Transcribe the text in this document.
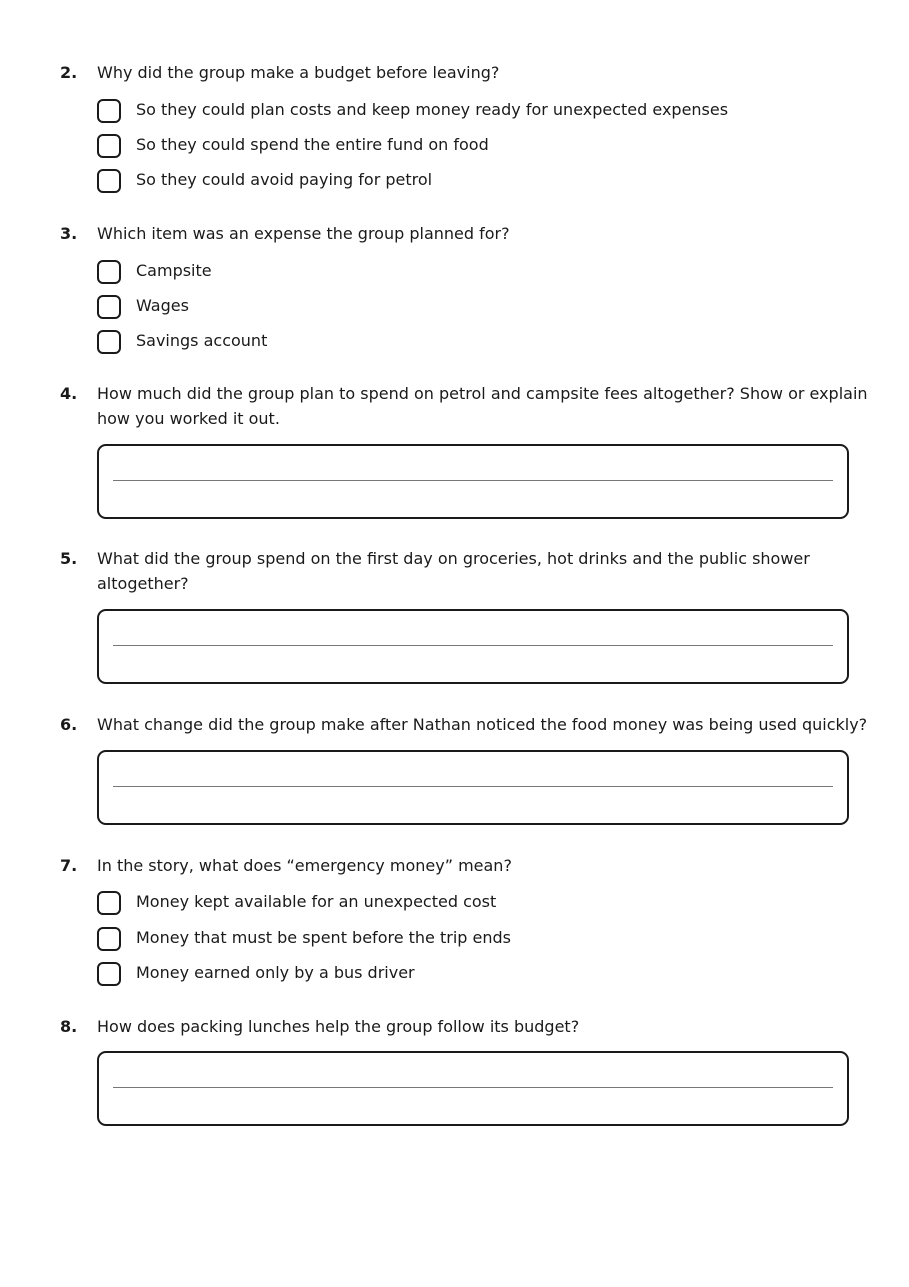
2. Why did the group make a budget before leaving?
So they could plan costs and keep money ready for unexpected expenses
So they could spend the entire fund on food
So they could avoid paying for petrol
3. Which item was an expense the group planned for?
Campsite
Wages
Savings account
4. How much did the group plan to spend on petrol and campsite fees altogether? Show or explain
how you worked it out.
5. What did the group spend on the first day on groceries, hot drinks and the public shower
altogether?
6. What change did the group make after Nathan noticed the food money was being used quickly?
7. In the story, what does “emergency money” mean?
Money kept available for an unexpected cost
Money that must be spent before the trip ends
Money earned only by a bus driver
8. How does packing lunches help the group follow its budget?
